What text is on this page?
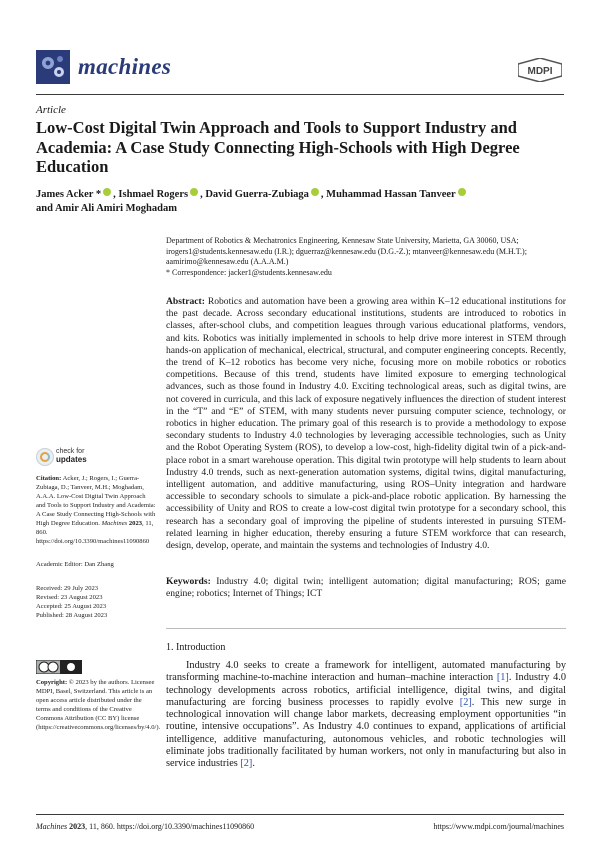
machines	MDPI
Article
Low-Cost Digital Twin Approach and Tools to Support Industry and Academia: A Case Study Connecting High-Schools with High Degree Education
James Acker * , Ishmael Rogers , David Guerra-Zubiaga , Muhammad Hassan Tanveer
and Amir Ali Amiri Moghadam
Department of Robotics & Mechatronics Engineering, Kennesaw State University, Marietta, GA 30060, USA;
irogers1@students.kennesaw.edu (I.R.); dguerraz@kennesaw.edu (D.G.-Z.); mtanveer@kennesaw.edu (M.H.T.);
aamirimo@kennesaw.edu (A.A.A.M.)
* Correspondence: jacker1@students.kennesaw.edu
Abstract: Robotics and automation have been a growing area within K–12 educational institutions for the past decade. Across secondary educational institutions, students are introduced to robotics in classes, after-school clubs, and competition leagues through various educational platforms, vendors, and kits. Robotics was initially implemented in schools to help drive more interest in STEM through hands-on application of mechanical, electrical, structural, and computer engineering concepts. Recently, the trend of K–12 robotics has become very niche, focusing more on mobile robotics or robotics competitions. Because of this trend, students have limited exposure to emerging technological advances, such as those found in Industry 4.0. Exciting technological areas, such as digital twins, are not covered in curricula, and this lack of exposure negatively influences the direction of student interest in the “T” and “E” of STEM, with many students never pursuing computer science, technology, or robotics in higher education. The primary goal of this research is to provide a methodology to expose secondary students to Industry 4.0 technologies by leveraging accessible technologies, such as Unity and the Robot Operating System (ROS), to develop a low-cost, high-fidelity digital twin of a pick-and-place robot in a smart warehouse operation. This digital twin prototype will help students to learn about Industry 4.0 trends, such as next-generation automation systems, digital twins, digital manufacturing, intelligent automation, and additive manufacturing, using ROS–Unity integration and hardware accessible to secondary schools to simulate a pick-and-place robotic application. By harnessing the accessibility of Unity and ROS to create a low-cost digital twin prototype for a secondary school, this research has a secondary goal of improving the pipeline of students interested in pursuing STEM-related learning in higher education, thereby ensuring a future STEM workforce that can research, design, develop, operate, and maintain the systems and technologies of Industry 4.0.
Keywords: Industry 4.0; digital twin; intelligent automation; digital manufacturing; ROS; game engine; robotics; Internet of Things; ICT
check for
updates
Citation: Acker, J.; Rogers, I.; Guerra-Zubiaga, D.; Tanveer, M.H.; Moghadam, A.A.A. Low-Cost Digital Twin Approach and Tools to Support Industry and Academia: A Case Study Connecting High-Schools with High Degree Education. Machines 2023, 11, 860. https://doi.org/10.3390/machines11090860
Academic Editor: Dan Zhang
Received: 29 July 2023
Revised: 23 August 2023
Accepted: 25 August 2023
Published: 28 August 2023
Copyright: © 2023 by the authors. Licensee MDPI, Basel, Switzerland. This article is an open access article distributed under the terms and conditions of the Creative Commons Attribution (CC BY) license (https://creativecommons.org/licenses/by/4.0/).
1. Introduction
Industry 4.0 seeks to create a framework for intelligent, automated manufacturing by transforming machine-to-machine interaction and human–machine interaction [1]. Industry 4.0 technology developments across robotics, artificial intelligence, digital twins, and digital manufacturing are forcing business processes to rapidly evolve [2]. This new surge in technological innovation will change labor markets, decreasing employment opportunities “in routine, intensive occupations”. As Industry 4.0 continues to expand, applications of artificial intelligence, additive manufacturing, autonomous vehicles, and robotic technologies will eliminate jobs traditionally facilitated by human workers, not only in manufacturing but also in service industries [2].
Machines 2023, 11, 860. https://doi.org/10.3390/machines11090860	https://www.mdpi.com/journal/machines
